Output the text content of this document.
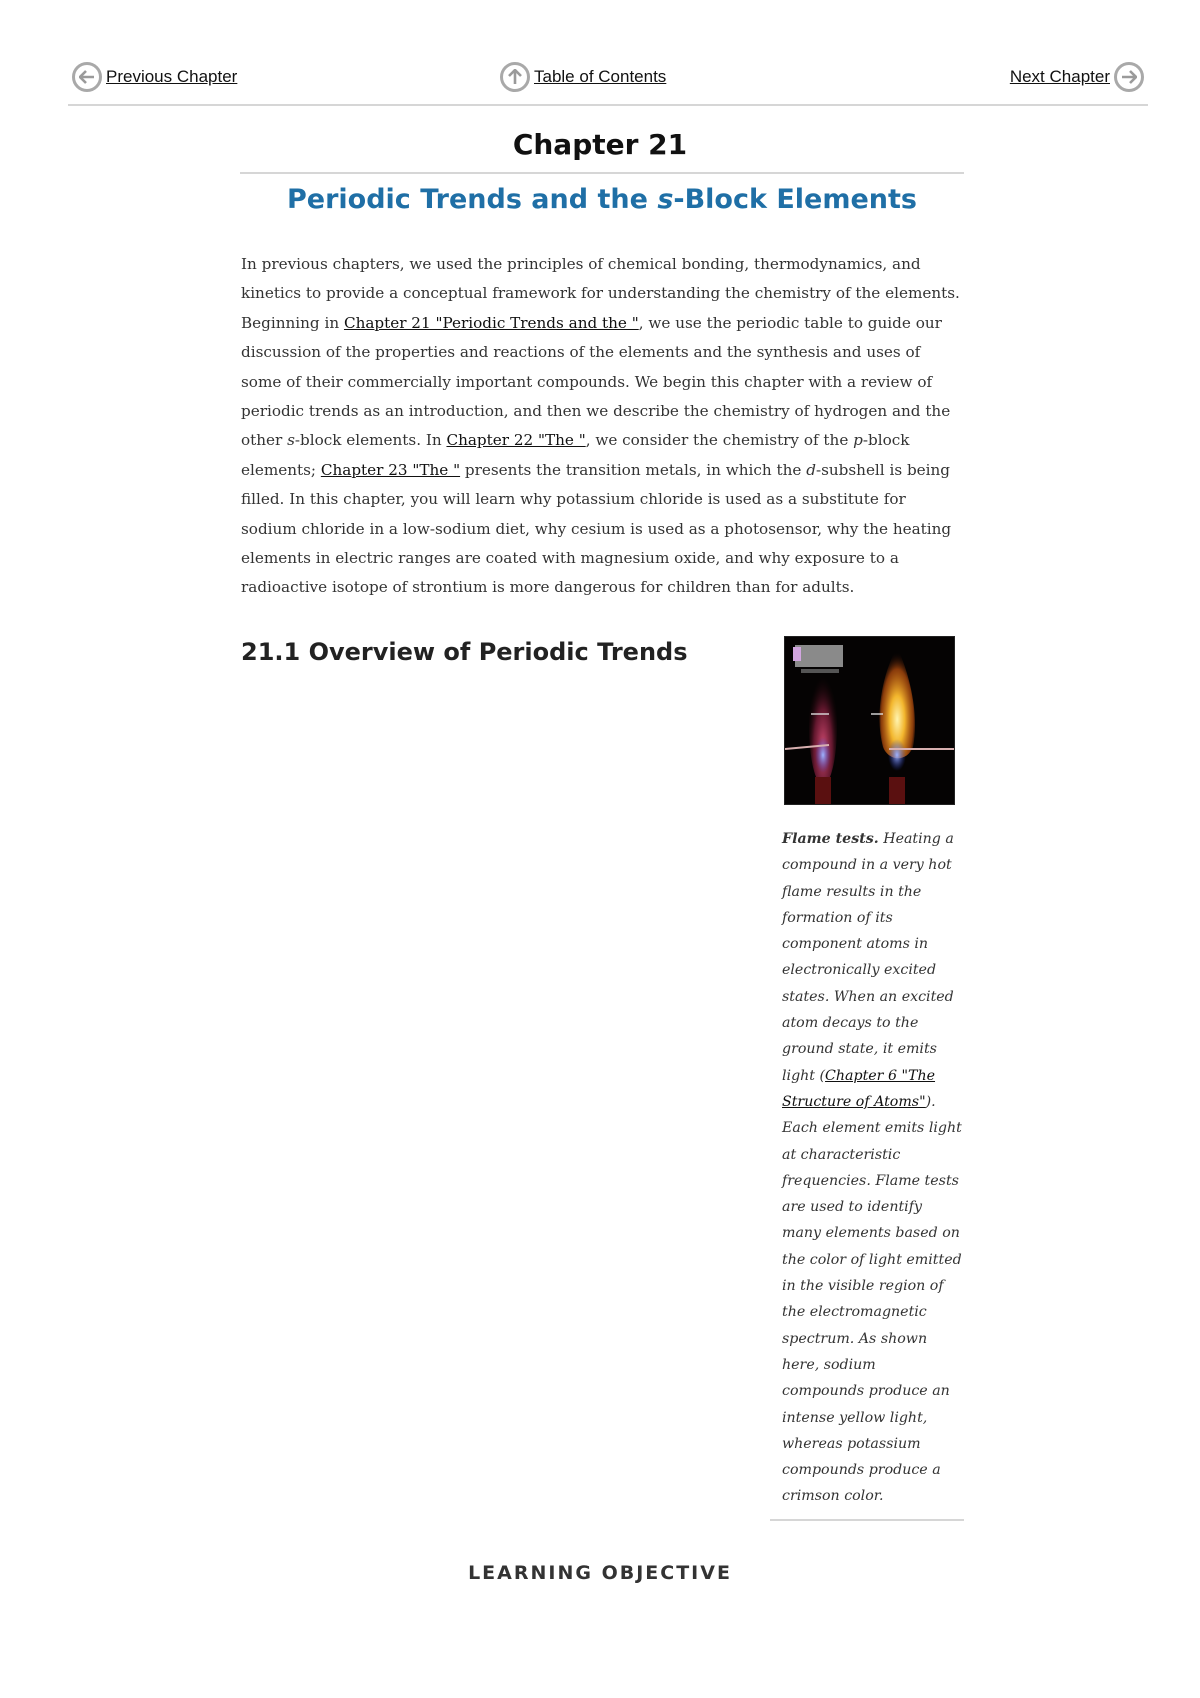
Previous Chapter	Table of Contents	Next Chapter
Chapter 21
Periodic Trends and the s-Block Elements
In previous chapters, we used the principles of chemical bonding, thermodynamics, and kinetics to provide a conceptual framework for understanding the chemistry of the elements. Beginning in Chapter 21 "Periodic Trends and the ", we use the periodic table to guide our discussion of the properties and reactions of the elements and the synthesis and uses of some of their commercially important compounds. We begin this chapter with a review of periodic trends as an introduction, and then we describe the chemistry of hydrogen and the other s-block elements. In Chapter 22 "The ", we consider the chemistry of the p-block elements; Chapter 23 "The " presents the transition metals, in which the d-subshell is being filled. In this chapter, you will learn why potassium chloride is used as a substitute for sodium chloride in a low-sodium diet, why cesium is used as a photosensor, why the heating elements in electric ranges are coated with magnesium oxide, and why exposure to a radioactive isotope of strontium is more dangerous for children than for adults.
21.1 Overview of Periodic Trends
Flame tests. Heating a compound in a very hot flame results in the formation of its component atoms in electronically excited states. When an excited atom decays to the ground state, it emits light (Chapter 6 "The Structure of Atoms"). Each element emits light at characteristic frequencies. Flame tests are used to identify many elements based on the color of light emitted in the visible region of the electromagnetic spectrum. As shown here, sodium compounds produce an intense yellow light, whereas potassium compounds produce a crimson color.
LEARNING OBJECTIVE
